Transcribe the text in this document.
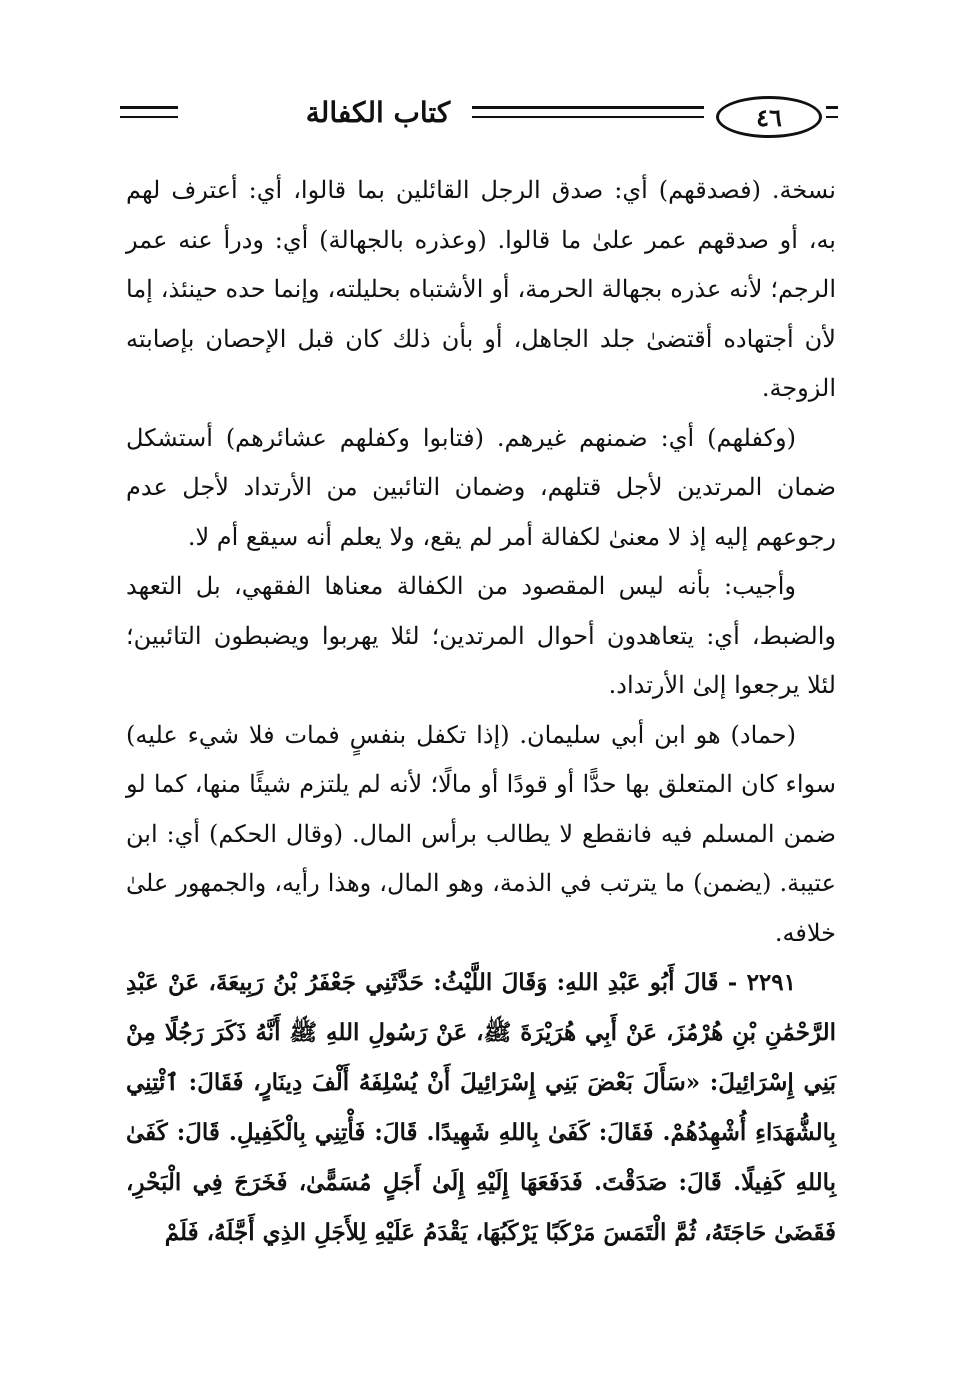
كتاب الكفالة	٤٦

نسخة. (فصدقهم) أي: صدق الرجل القائلين بما قالوا، أي: أعترف لهم به، أو صدقهم عمر علىٰ ما قالوا. (وعذره بالجهالة) أي: ودرأ عنه عمر الرجم؛ لأنه عذره بجهالة الحرمة، أو الأشتباه بحليلته، وإنما حده حينئذ، إما لأن أجتهاده أقتضىٰ جلد الجاهل، أو بأن ذلك كان قبل الإحصان بإصابته الزوجة.

(وكفلهم) أي: ضمنهم غيرهم. (فتابوا وكفلهم عشائرهم) أستشكل ضمان المرتدين لأجل قتلهم، وضمان التائبين من الأرتداد لأجل عدم رجوعهم إليه إذ لا معنىٰ لكفالة أمر لم يقع، ولا يعلم أنه سيقع أم لا.

وأجيب: بأنه ليس المقصود من الكفالة معناها الفقهي، بل التعهد والضبط، أي: يتعاهدون أحوال المرتدين؛ لئلا يهربوا ويضبطون التائبين؛ لئلا يرجعوا إلىٰ الأرتداد.

(حماد) هو ابن أبي سليمان. (إذا تكفل بنفسٍ فمات فلا شيء عليه) سواء كان المتعلق بها حدًّا أو قودًا أو مالًا؛ لأنه لم يلتزم شيئًا منها، كما لو ضمن المسلم فيه فانقطع لا يطالب برأس المال. (وقال الحكم) أي: ابن عتيبة. (يضمن) ما يترتب في الذمة، وهو المال، وهذا رأيه، والجمهور علىٰ خلافه.

٢٢٩١ - قَالَ أَبُو عَبْدِ اللهِ: وَقَالَ اللَّيْثُ: حَدَّثَنِي جَعْفَرُ بْنُ رَبِيعَةَ، عَنْ عَبْدِ الرَّحْمَٰنِ بْنِ هُرْمُزَ، عَنْ أَبِي هُرَيْرَةَ ﷺ، عَنْ رَسُولِ اللهِ ﷺ أَنَّهُ ذَكَرَ رَجُلًا مِنْ بَنِي إِسْرَائِيلَ: «سَأَلَ بَعْضَ بَنِي إِسْرَائِيلَ أَنْ يُسْلِفَهُ أَلْفَ دِينَارٍ، فَقَالَ: ٱئْتِنِي بِالشُّهَدَاءِ أُشْهِدُهُمْ. فَقَالَ: كَفَىٰ بِاللهِ شَهِيدًا. قَالَ: فَأْتِنِي بِالْكَفِيلِ. قَالَ: كَفَىٰ بِاللهِ كَفِيلًا. قَالَ: صَدَقْتَ. فَدَفَعَهَا إِلَيْهِ إِلَىٰ أَجَلٍ مُسَمًّىٰ، فَخَرَجَ فِي الْبَحْرِ، فَقَضَىٰ حَاجَتَهُ، ثُمَّ الْتَمَسَ مَرْكَبًا يَرْكَبُهَا، يَقْدَمُ عَلَيْهِ لِلأَجَلِ الذِي أَجَّلَهُ، فَلَمْ
